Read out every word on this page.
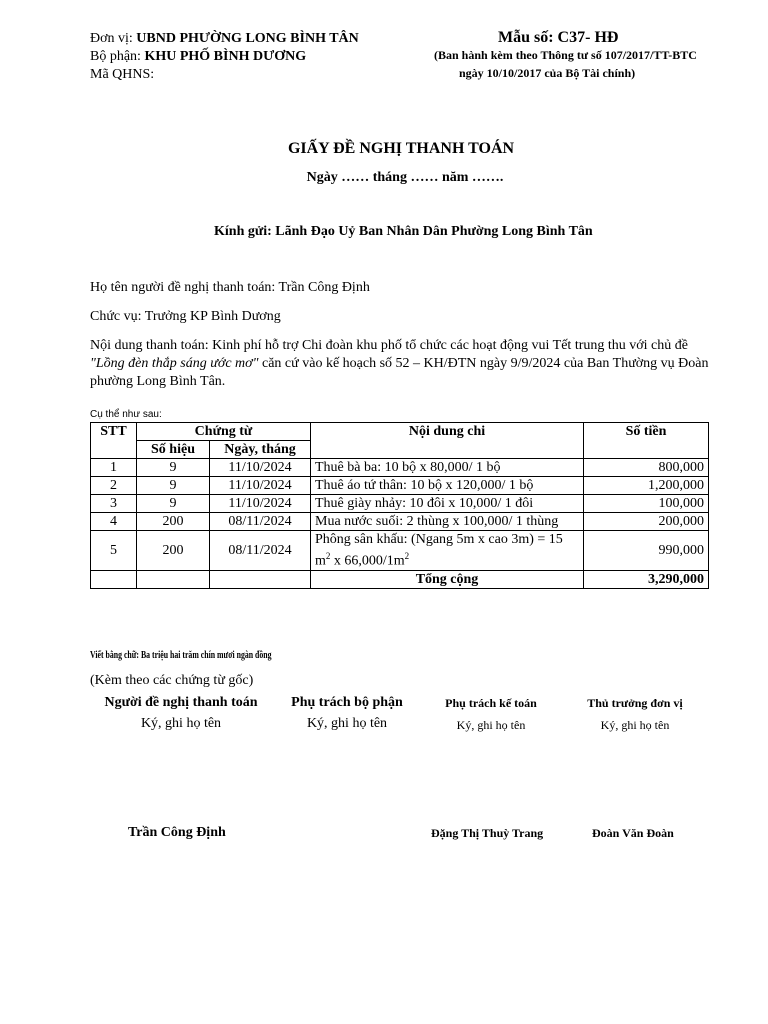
Đơn vị: UBND PHƯỜNG LONG BÌNH TÂN
Bộ phận: KHU PHỐ BÌNH DƯƠNG
Mã QHNS:
Mẫu số: C37- HĐ
(Ban hành kèm theo Thông tư số 107/2017/TT-BTC
ngày 10/10/2017 của Bộ Tài chính)
GIẤY ĐỀ NGHỊ THANH TOÁN
Ngày …… tháng …… năm …….
Kính gửi: Lãnh Đạo Uỷ Ban Nhân Dân Phường Long Bình Tân
Họ tên người đề nghị thanh toán: Trần Công Định
Chức vụ: Trưởng KP Bình Dương
Nội dung thanh toán: Kinh phí hỗ trợ Chi đoàn khu phố tổ chức các hoạt động vui Tết trung thu với chủ đề "Lồng đèn thắp sáng ước mơ" căn cứ vào kế hoạch số 52 – KH/ĐTN ngày 9/9/2024 của Ban Thường vụ Đoàn phường Long Bình Tân.
Cụ thể như sau:
STT	Chứng từ		Nội dung chi	Số tiền
	Số hiệu	Ngày, tháng		
1	9	11/10/2024	Thuê bà ba: 10 bộ x 80,000/ 1 bộ	800,000
2	9	11/10/2024	Thuê áo tứ thân: 10 bộ x 120,000/ 1 bộ	1,200,000
3	9	11/10/2024	Thuê giày nhảy: 10 đôi x 10,000/ 1 đôi	100,000
4	200	08/11/2024	Mua nước suối: 2 thùng x 100,000/ 1 thùng	200,000
5	200	08/11/2024	Phông sân khấu: (Ngang 5m x cao 3m) = 15 $m^2$ x $66,000/1m^2$	990,000
			Tổng cộng	3,290,000
Viết bằng chữ: Ba triệu hai trăm chín mươi ngàn đồng
(Kèm theo các chứng từ gốc)
Người đề nghị thanh toán
Ký, ghi họ tên
Phụ trách bộ phận
Ký, ghi họ tên
Phụ trách kế toán
Ký, ghi họ tên
Thủ trưởng đơn vị
Ký, ghi họ tên
Trần Công Định	Đặng Thị Thuỳ Trang	Đoàn Văn Đoàn
